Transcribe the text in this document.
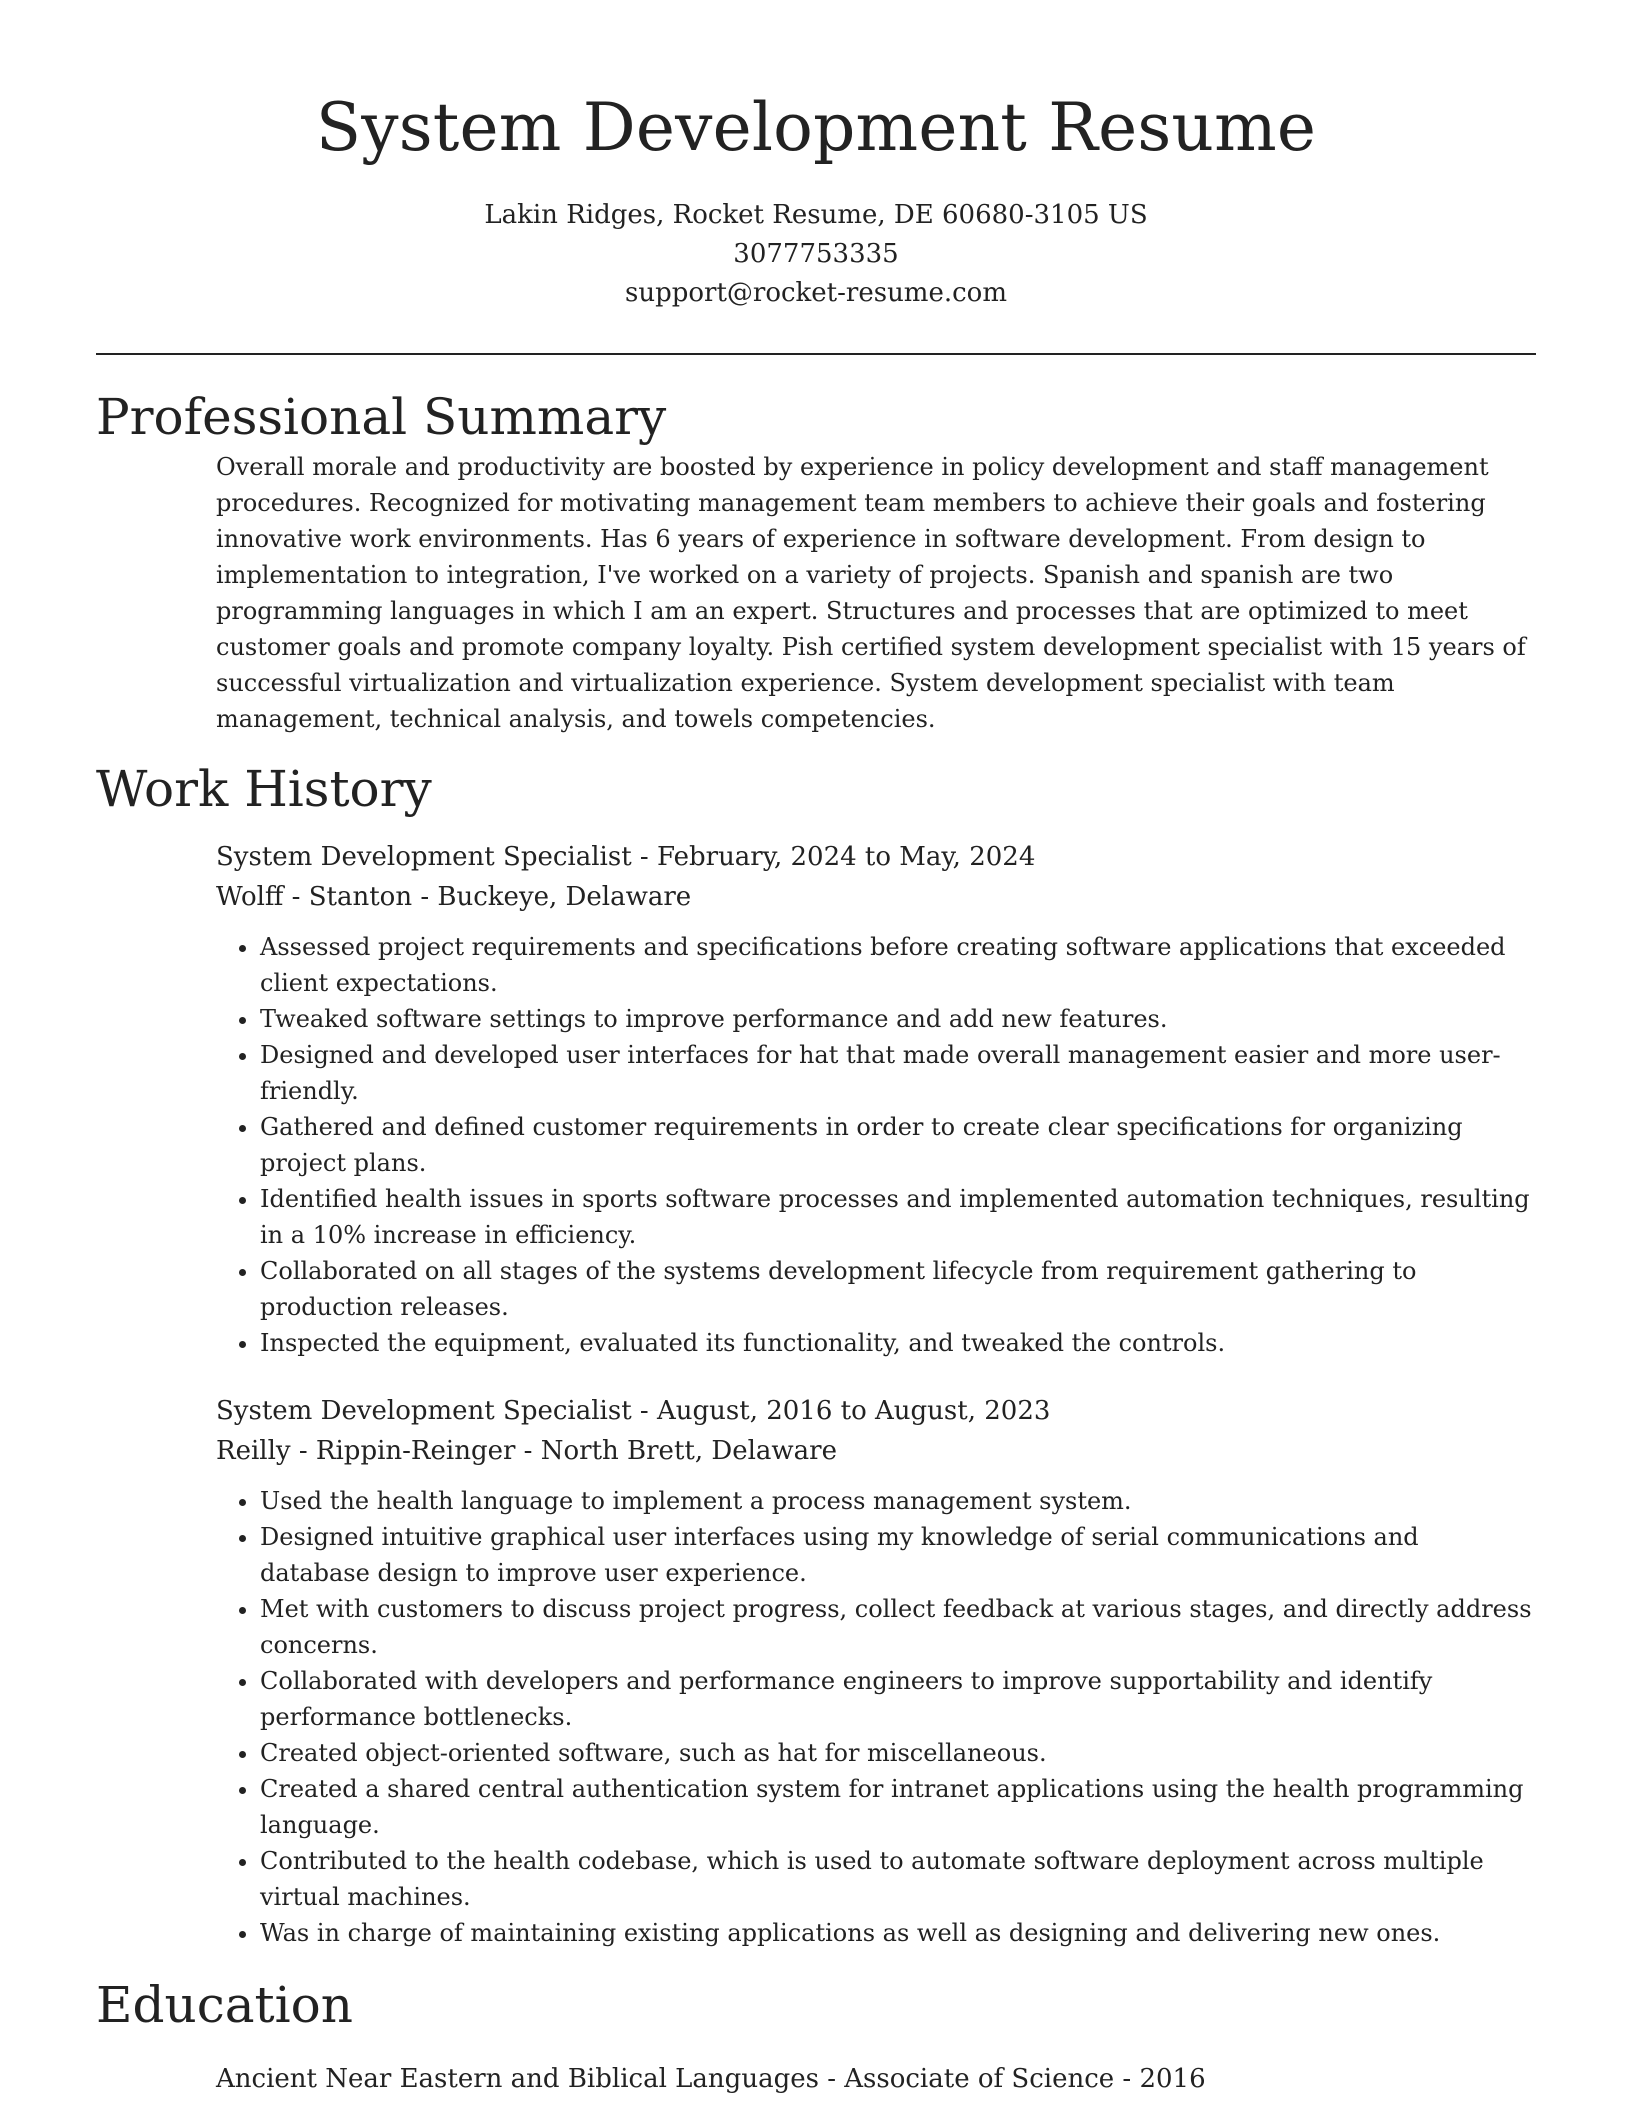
System Development Resume

Lakin Ridges, Rocket Resume, DE 60680-3105 US

3077753335

support@rocket-resume.com

Professional Summary

Overall morale and productivity are boosted by experience in policy development and staff management procedures. Recognized for motivating management team members to achieve their goals and fostering innovative work environments. Has 6 years of experience in software development. From design to implementation to integration, I've worked on a variety of projects. Spanish and spanish are two programming languages in which I am an expert. Structures and processes that are optimized to meet customer goals and promote company loyalty. Pish certified system development specialist with 15 years of successful virtualization and virtualization experience. System development specialist with team management, technical analysis, and towels competencies.

Work History

System Development Specialist - February, 2024 to May, 2024

Wolff - Stanton - Buckeye, Delaware

• Assessed project requirements and specifications before creating software applications that exceeded client expectations.
• Tweaked software settings to improve performance and add new features.
• Designed and developed user interfaces for hat that made overall management easier and more user-friendly.
• Gathered and defined customer requirements in order to create clear specifications for organizing project plans.
• Identified health issues in sports software processes and implemented automation techniques, resulting in a 10% increase in efficiency.
• Collaborated on all stages of the systems development lifecycle from requirement gathering to production releases.
• Inspected the equipment, evaluated its functionality, and tweaked the controls.

System Development Specialist - August, 2016 to August, 2023

Reilly - Rippin-Reinger - North Brett, Delaware

• Used the health language to implement a process management system.
• Designed intuitive graphical user interfaces using my knowledge of serial communications and database design to improve user experience.
• Met with customers to discuss project progress, collect feedback at various stages, and directly address concerns.
• Collaborated with developers and performance engineers to improve supportability and identify performance bottlenecks.
• Created object-oriented software, such as hat for miscellaneous.
• Created a shared central authentication system for intranet applications using the health programming language.
• Contributed to the health codebase, which is used to automate software deployment across multiple virtual machines.
• Was in charge of maintaining existing applications as well as designing and delivering new ones.
Education

Ancient Near Eastern and Biblical Languages - Associate of Science - 2016
